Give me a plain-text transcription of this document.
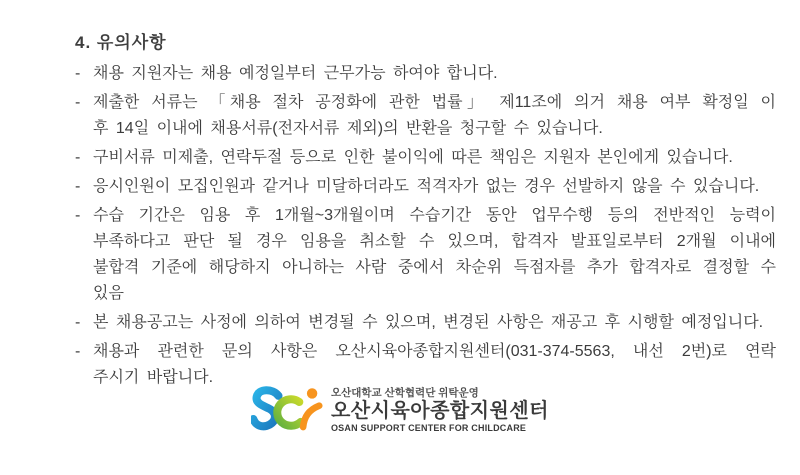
4. 유의사항
- 채용 지원자는 채용 예정일부터 근무가능 하여야 합니다.
- 제출한 서류는 「채용 절차 공정화에 관한 법률」 제11조에 의거 채용 여부 확정일 이
후 14일 이내에 채용서류(전자서류 제외)의 반환을 청구할 수 있습니다.
- 구비서류 미제출, 연락두절 등으로 인한 불이익에 따른 책임은 지원자 본인에게 있습니다.
- 응시인원이 모집인원과 같거나 미달하더라도 적격자가 없는 경우 선발하지 않을 수 있습니다.
- 수습 기간은 임용 후 1개월~3개월이며 수습기간 동안 업무수행 등의 전반적인 능력이
부족하다고 판단 될 경우 임용을 취소할 수 있으며, 합격자 발표일로부터 2개월 이내에
불합격 기준에 해당하지 아니하는 사람 중에서 차순위 득점자를 추가 합격자로 결정할 수
있음
- 본 채용공고는 사정에 의하여 변경될 수 있으며, 변경된 사항은 재공고 후 시행할 예정입니다.
- 채용과 관련한 문의 사항은 오산시육아종합지원센터(031-374-5563, 내선 2번)로 연락
주시기 바랍니다.
오산대학교 산학협력단 위탁운영
오산시육아종합지원센터
OSAN SUPPORT CENTER FOR CHILDCARE
